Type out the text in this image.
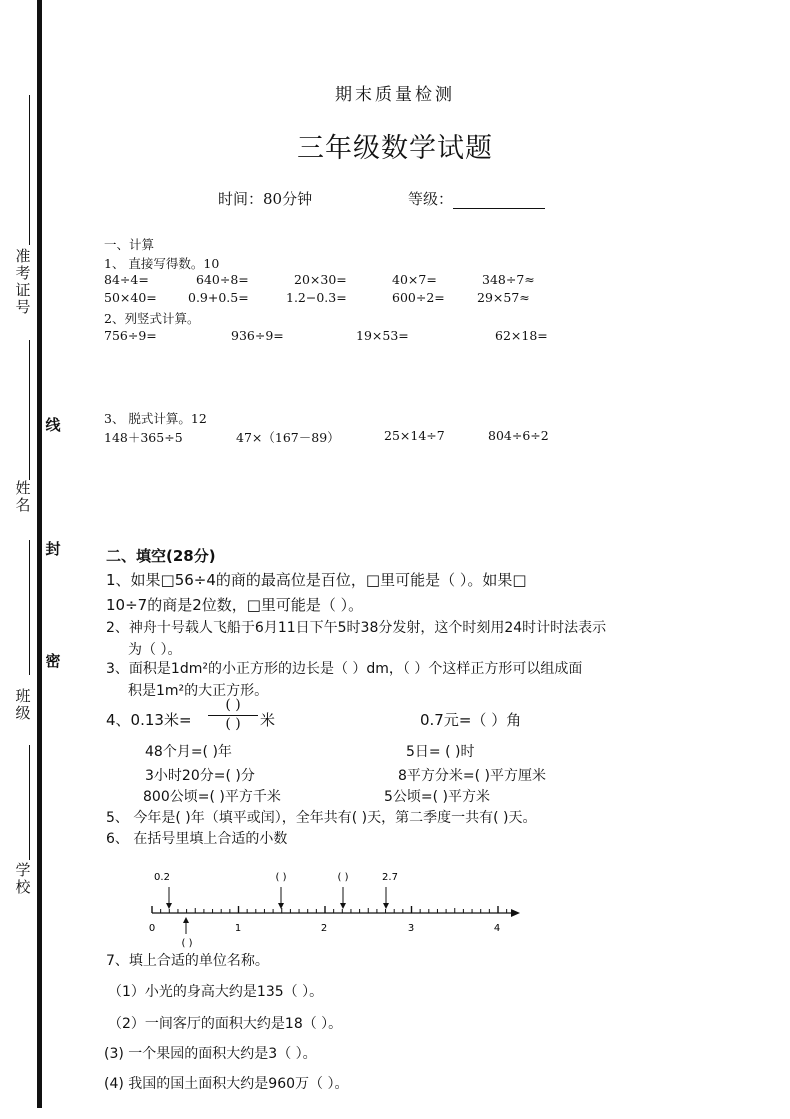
准考证号
姓名
班级
学校
线
封
密
期末质量检测
三年级数学试题
时间：80分钟	等级：
一、计算
1、 直接写得数。10
84÷4=	640÷8=	20×30=	40×7=	348÷7≈
50×40= 0.9+0.5=	1.2−0.3=	600÷2=	29×57≈
2、列竖式计算。
756÷9=	936÷9=	19×53=	62×18=
3、 脱式计算。12
148＋365÷5	47×（167－89）	25×14÷7	804÷6÷2
二、填空(28分)
1、如果□56÷4的商的最高位是百位，□里可能是（ ）。如果□
10÷7的商是2位数，□里可能是（ ）。
2、神舟十号载人飞船于6月11日下午5时38分发射，这个时刻用24时计时法表示
为（ ）。
3、面积是1dm²的小正方形的边长是（ ）dm，（ ）个这样正方形可以组成面
积是1m²的大正方形。
4、0.13米=
( )
( )	米	0.7元=（ ）角
48个月=( )年	5日= ( )时
3小时20分=( )分	8平方分米=( )平方厘米
800公顷=( )平方千米	5公顷=( )平方米
5、 今年是( )年（填平或闰），全年共有( )天，第二季度一共有( )天。
6、 在括号里填上合适的小数
0.2	( )	( )	2.7
0	1	2	3	4
( )
7、填上合适的单位名称。
（1）小光的身高大约是135（ ）。
（2）一间客厅的面积大约是18（ ）。
(3) 一个果园的面积大约是3（ ）。
(4) 我国的国土面积大约是960万（ ）。
